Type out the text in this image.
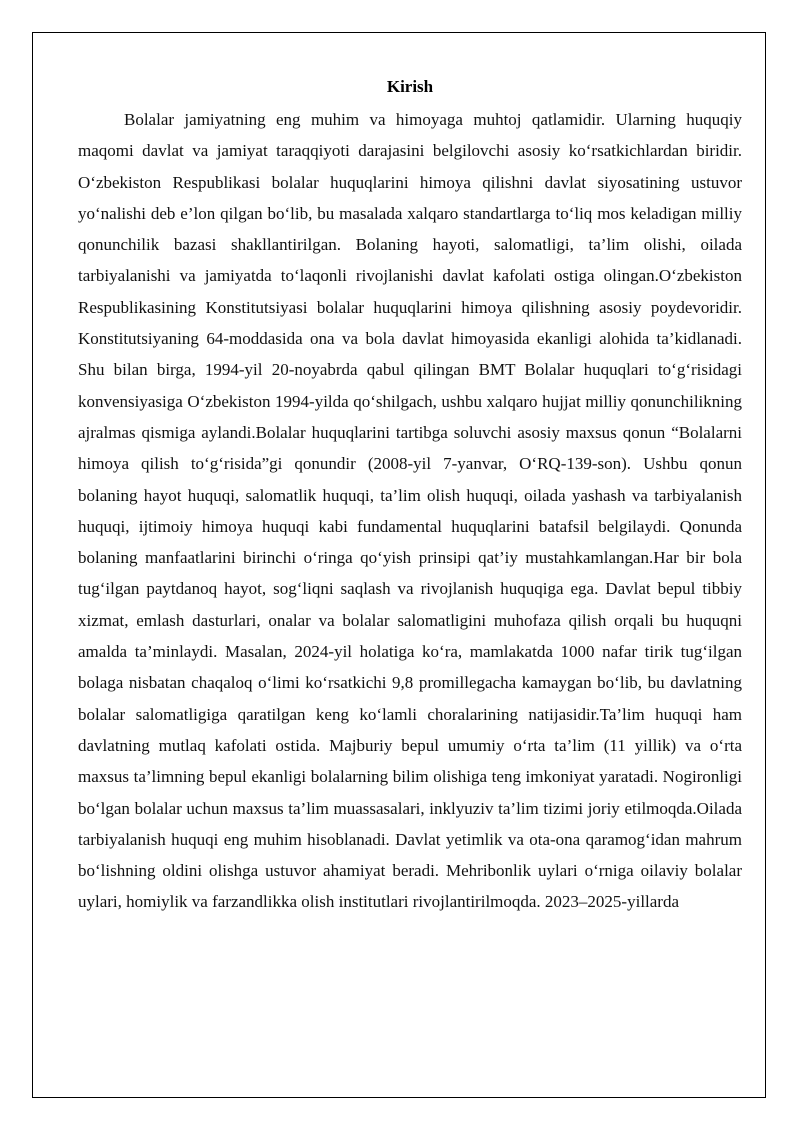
Kirish

Bolalar jamiyatning eng muhim va himoyaga muhtoj qatlamidir. Ularning huquqiy maqomi davlat va jamiyat taraqqiyoti darajasini belgilovchi asosiy ko‘rsatkichlardan biridir. O‘zbekiston Respublikasi bolalar huquqlarini himoya qilishni davlat siyosatining ustuvor yo‘nalishi deb e’lon qilgan bo‘lib, bu masalada xalqaro standartlarga to‘liq mos keladigan milliy qonunchilik bazasi shakllantirilgan. Bolaning hayoti, salomatligi, ta’lim olishi, oilada tarbiyalanishi va jamiyatda to‘laqonli rivojlanishi davlat kafolati ostiga olingan.O‘zbekiston Respublikasining Konstitutsiyasi bolalar huquqlarini himoya qilishning asosiy poydevoridir. Konstitutsiyaning 64-moddasida ona va bola davlat himoyasida ekanligi alohida ta’kidlanadi. Shu bilan birga, 1994-yil 20-noyabrda qabul qilingan BMT Bolalar huquqlari to‘g‘risidagi konvensiyasiga O‘zbekiston 1994-yilda qo‘shilgach, ushbu xalqaro hujjat milliy qonunchilikning ajralmas qismiga aylandi.Bolalar huquqlarini tartibga soluvchi asosiy maxsus qonun “Bolalarni himoya qilish to‘g‘risida”gi qonundir (2008-yil 7-yanvar, O‘RQ-139-son). Ushbu qonun bolaning hayot huquqi, salomatlik huquqi, ta’lim olish huquqi, oilada yashash va tarbiyalanish huquqi, ijtimoiy himoya huquqi kabi fundamental huquqlarini batafsil belgilaydi. Qonunda bolaning manfaatlarini birinchi o‘ringa qo‘yish prinsipi qat’iy mustahkamlangan.Har bir bola tug‘ilgan paytdanoq hayot, sog‘liqni saqlash va rivojlanish huquqiga ega. Davlat bepul tibbiy xizmat, emlash dasturlari, onalar va bolalar salomatligini muhofaza qilish orqali bu huquqni amalda ta’minlaydi. Masalan, 2024-yil holatiga ko‘ra, mamlakatda 1000 nafar tirik tug‘ilgan bolaga nisbatan chaqaloq o‘limi ko‘rsatkichi 9,8 promillegacha kamaygan bo‘lib, bu davlatning bolalar salomatligiga qaratilgan keng ko‘lamli choralarining natijasidir.Ta’lim huquqi ham davlatning mutlaq kafolati ostida. Majburiy bepul umumiy o‘rta ta’lim (11 yillik) va o‘rta maxsus ta’limning bepul ekanligi bolalarning bilim olishiga teng imkoniyat yaratadi. Nogironligi bo‘lgan bolalar uchun maxsus ta’lim muassasalari, inklyuziv ta’lim tizimi joriy etilmoqda.Oilada tarbiyalanish huquqi eng muhim hisoblanadi. Davlat yetimlik va ota-ona qaramog‘idan mahrum bo‘lishning oldini olishga ustuvor ahamiyat beradi. Mehribonlik uylari o‘rniga oilaviy bolalar uylari, homiylik va farzandlikka olish institutlari rivojlantirilmoqda. 2023–2025-yillarda
